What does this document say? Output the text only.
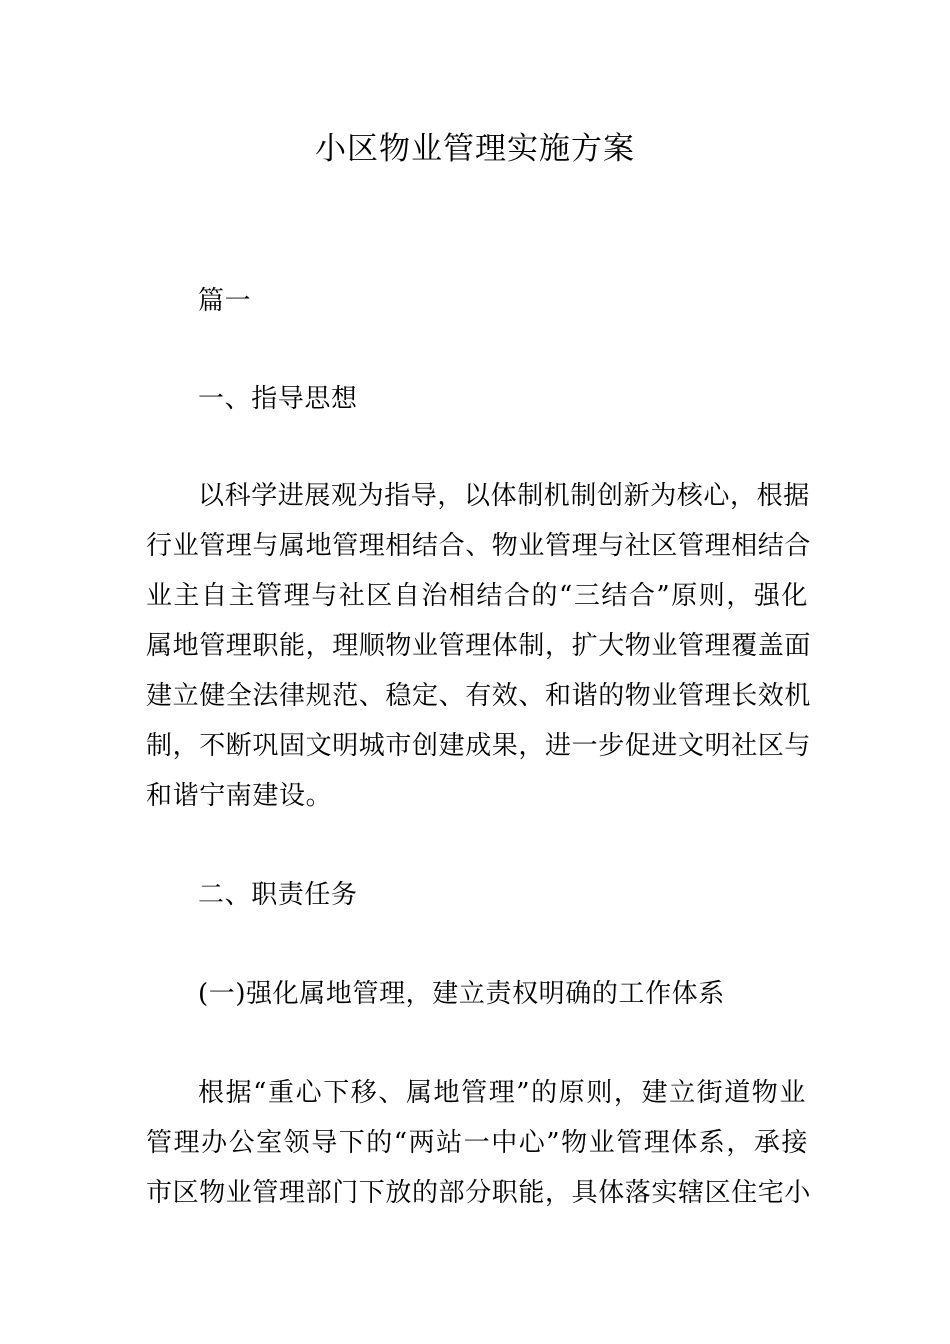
小区物业管理实施方案
篇一
一、指导思想
以科学进展观为指导，以体制机制创新为核心，根据
行业管理与属地管理相结合、物业管理与社区管理相结合
业主自主管理与社区自治相结合的“三结合”原则，强化
属地管理职能，理顺物业管理体制，扩大物业管理覆盖面
建立健全法律规范、稳定、有效、和谐的物业管理长效机
制，不断巩固文明城市创建成果，进一步促进文明社区与
和谐宁南建设。
二、职责任务
(一)强化属地管理，建立责权明确的工作体系
根据“重心下移、属地管理”的原则，建立街道物业
管理办公室领导下的“两站一中心”物业管理体系，承接
市区物业管理部门下放的部分职能，具体落实辖区住宅小
